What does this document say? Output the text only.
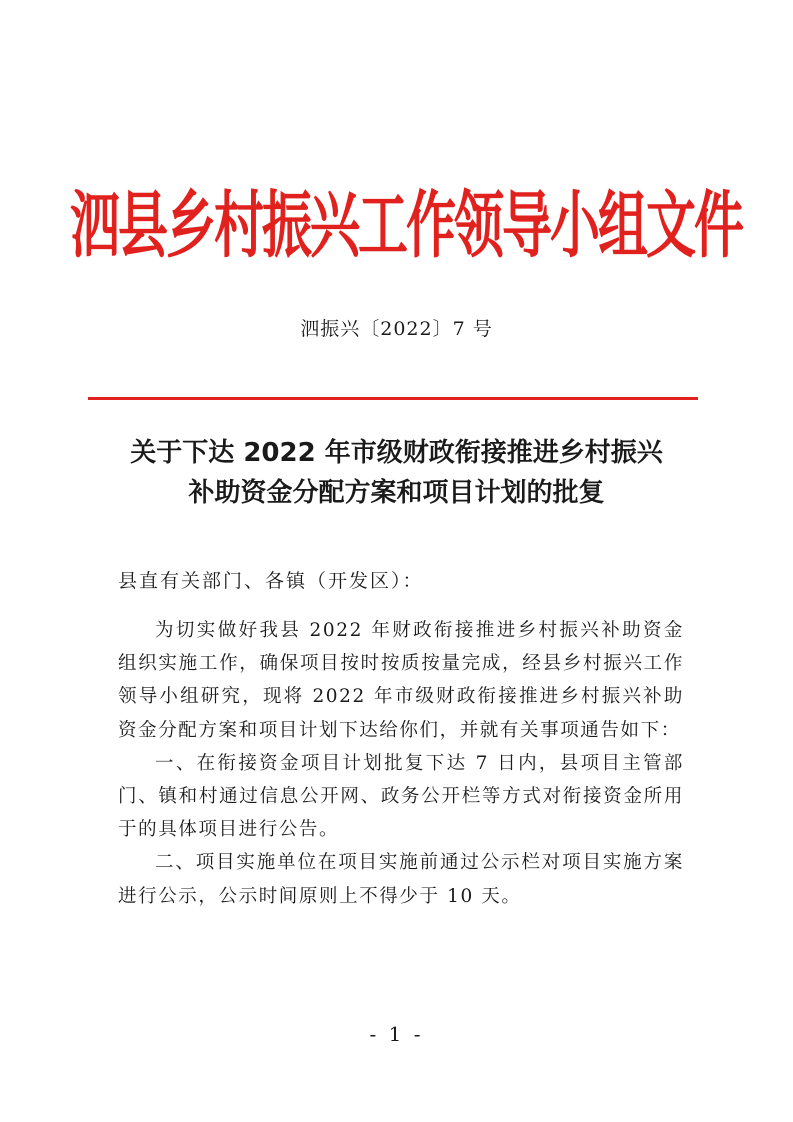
泗县乡村振兴工作领导小组文件
泗振兴〔2022〕7 号
关于下达 2022 年市级财政衔接推进乡村振兴
补助资金分配方案和项目计划的批复
县直有关部门、各镇（开发区）：

为切实做好我县 2022 年财政衔接推进乡村振兴补助资金组织实施工作，确保项目按时按质按量完成，经县乡村振兴工作领导小组研究，现将 2022 年市级财政衔接推进乡村振兴补助资金分配方案和项目计划下达给你们，并就有关事项通告如下：

一、在衔接资金项目计划批复下达 7 日内，县项目主管部门、镇和村通过信息公开网、政务公开栏等方式对衔接资金所用于的具体项目进行公告。

二、项目实施单位在项目实施前通过公示栏对项目实施方案进行公示，公示时间原则上不得少于 10 天。

- 1 -
